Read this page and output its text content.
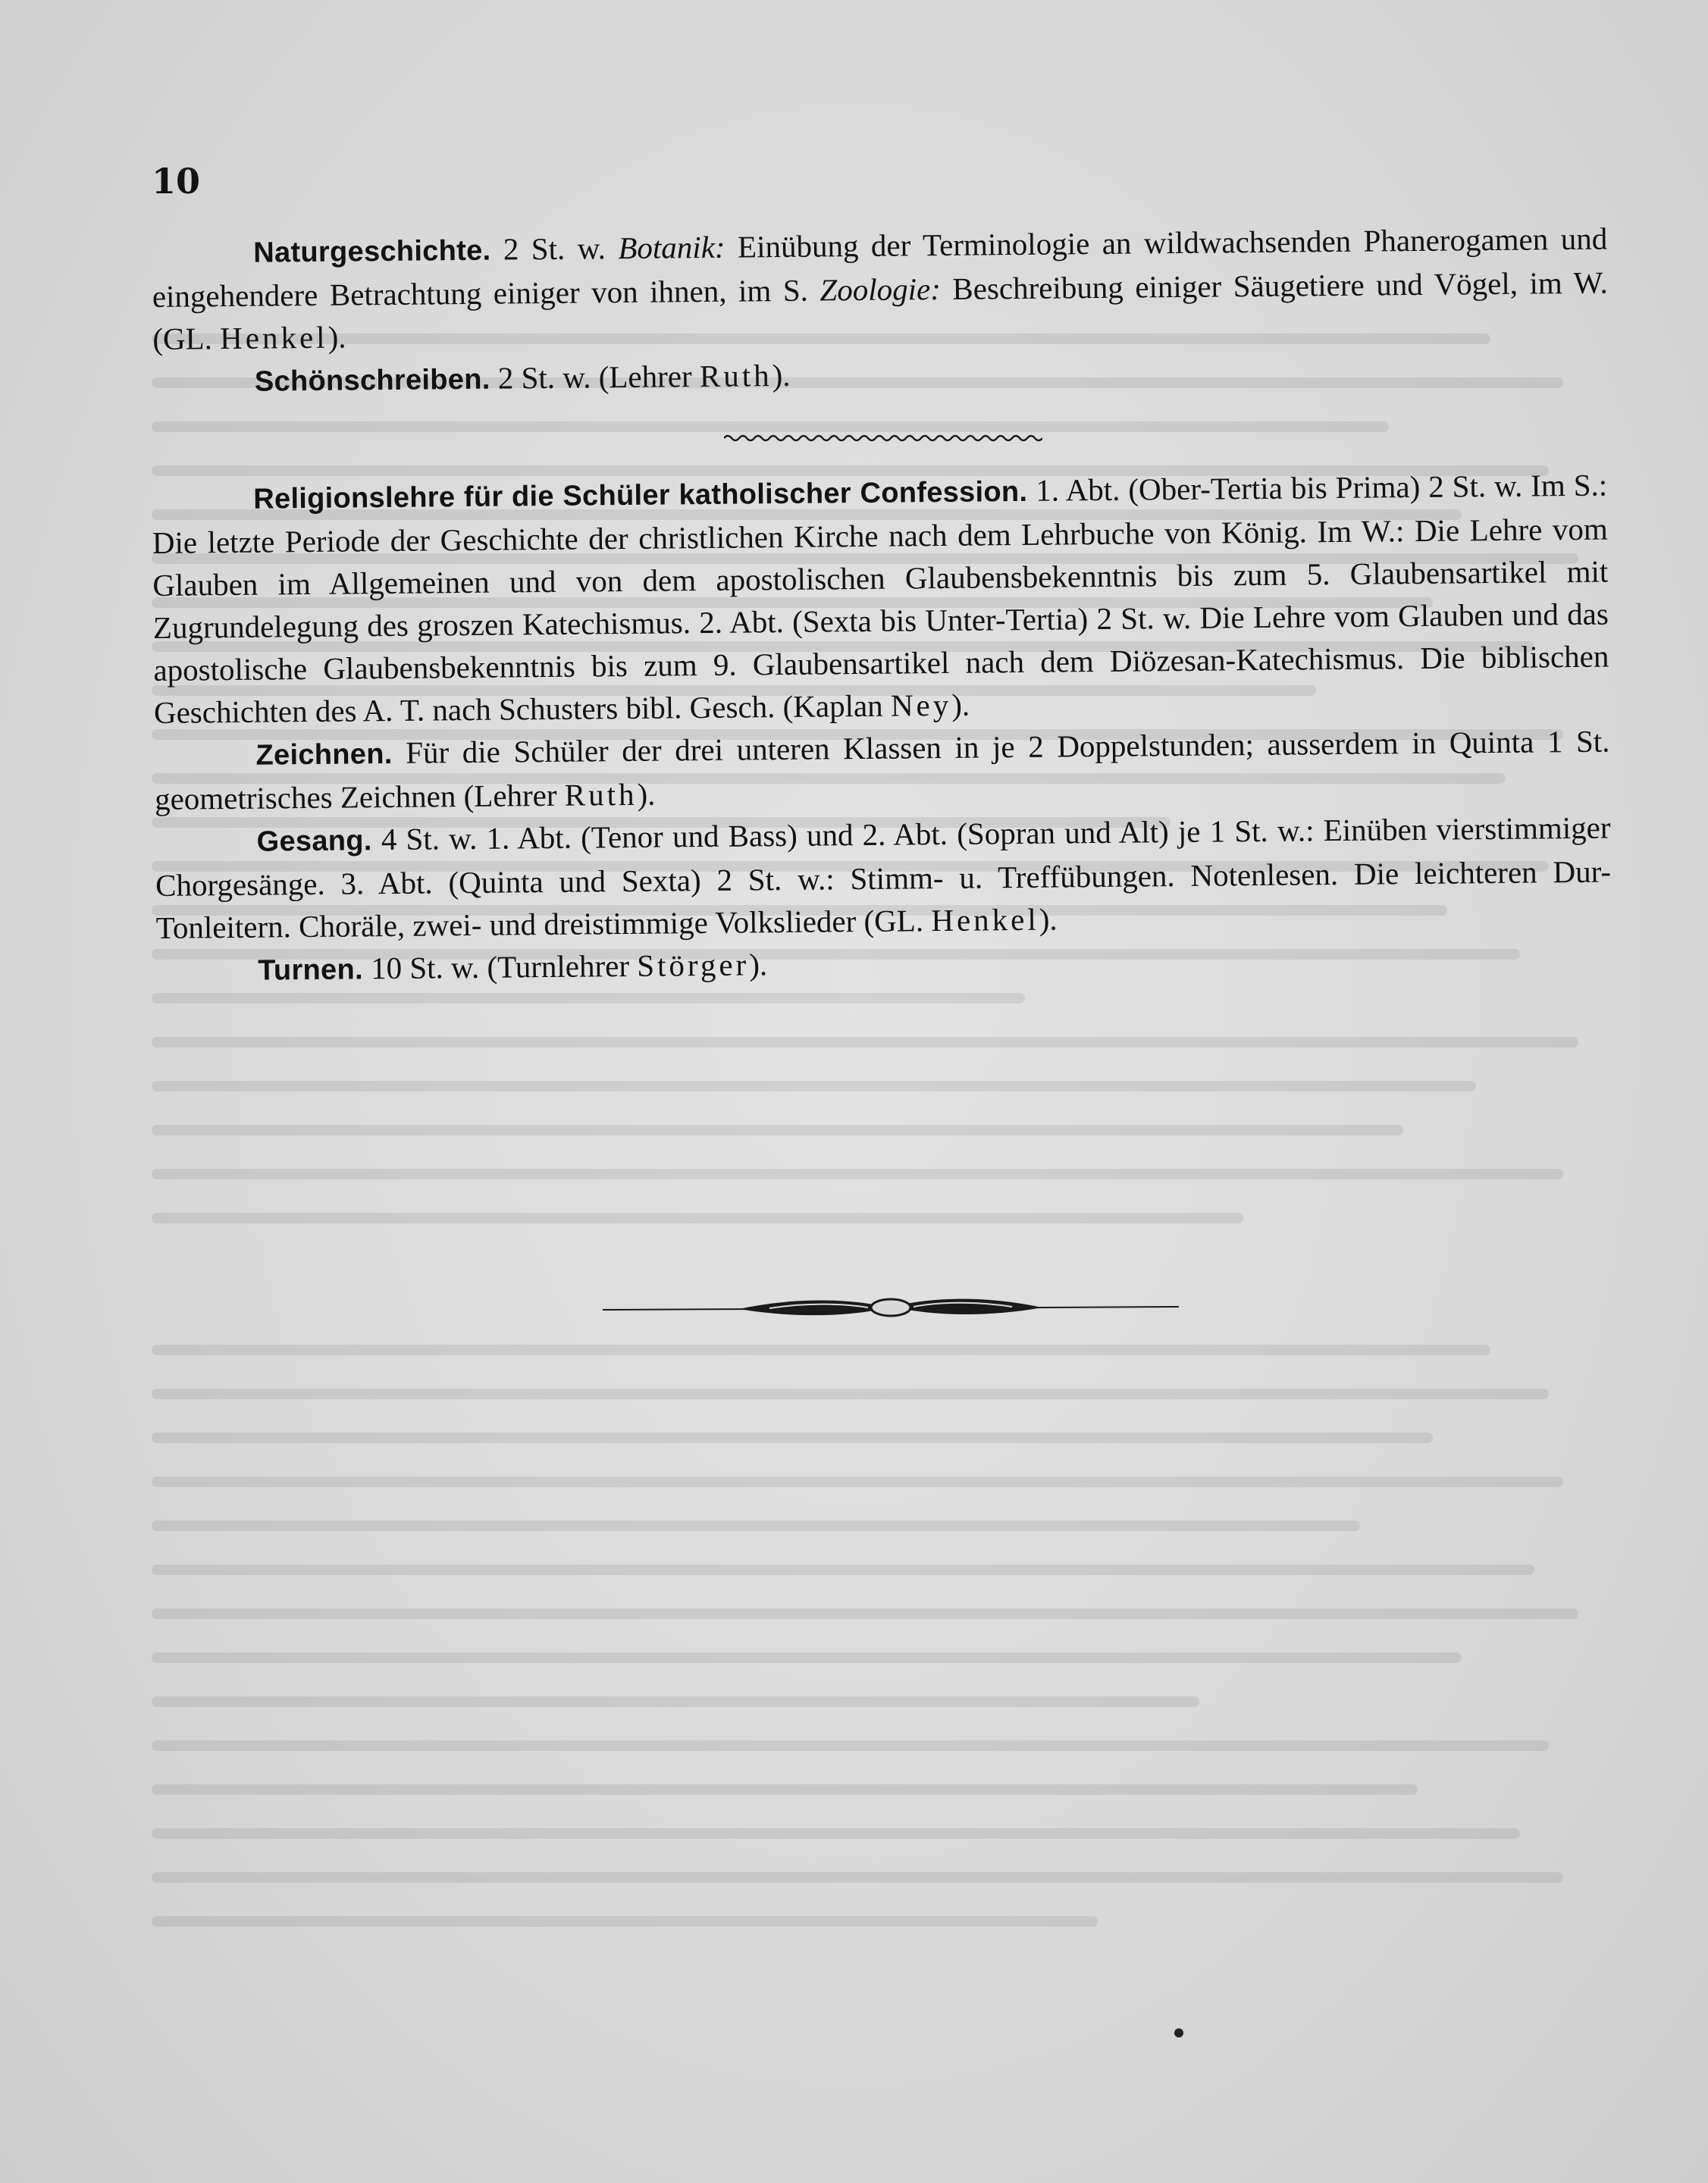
10
Naturgeschichte. 2 St. w. Botanik: Einübung der Terminologie an wildwachsenden Phanerogamen und eingehendere Betrachtung einiger von ihnen, im S. Zoologie: Beschreibung einiger Säugetiere und Vögel, im W. (GL. Henkel).
Schönschreiben. 2 St. w. (Lehrer Ruth).
Religionslehre für die Schüler katholischer Confession. 1. Abt. (Ober-Tertia bis Prima) 2 St. w. Im S.: Die letzte Periode der Geschichte der christlichen Kirche nach dem Lehrbuche von König. Im W.: Die Lehre vom Glauben im Allgemeinen und von dem apostolischen Glaubensbekenntnis bis zum 5. Glaubensartikel mit Zugrundelegung des groszen Katechismus. 2. Abt. (Sexta bis Unter-Tertia) 2 St. w. Die Lehre vom Glauben und das apostolische Glaubensbekenntnis bis zum 9. Glaubensartikel nach dem Diözesan-Katechismus. Die biblischen Geschichten des A. T. nach Schusters bibl. Gesch. (Kaplan Ney).
Zeichnen. Für die Schüler der drei unteren Klassen in je 2 Doppelstunden; ausserdem in Quinta 1 St. geometrisches Zeichnen (Lehrer Ruth).
Gesang. 4 St. w. 1. Abt. (Tenor und Bass) und 2. Abt. (Sopran und Alt) je 1 St. w.: Einüben vierstimmiger Chorgesänge. 3. Abt. (Quinta und Sexta) 2 St. w.: Stimm- u. Treffübungen. Notenlesen. Die leichteren Dur-Tonleitern. Choräle, zwei- und dreistimmige Volkslieder (GL. Henkel).
Turnen. 10 St. w. (Turnlehrer Störger).
